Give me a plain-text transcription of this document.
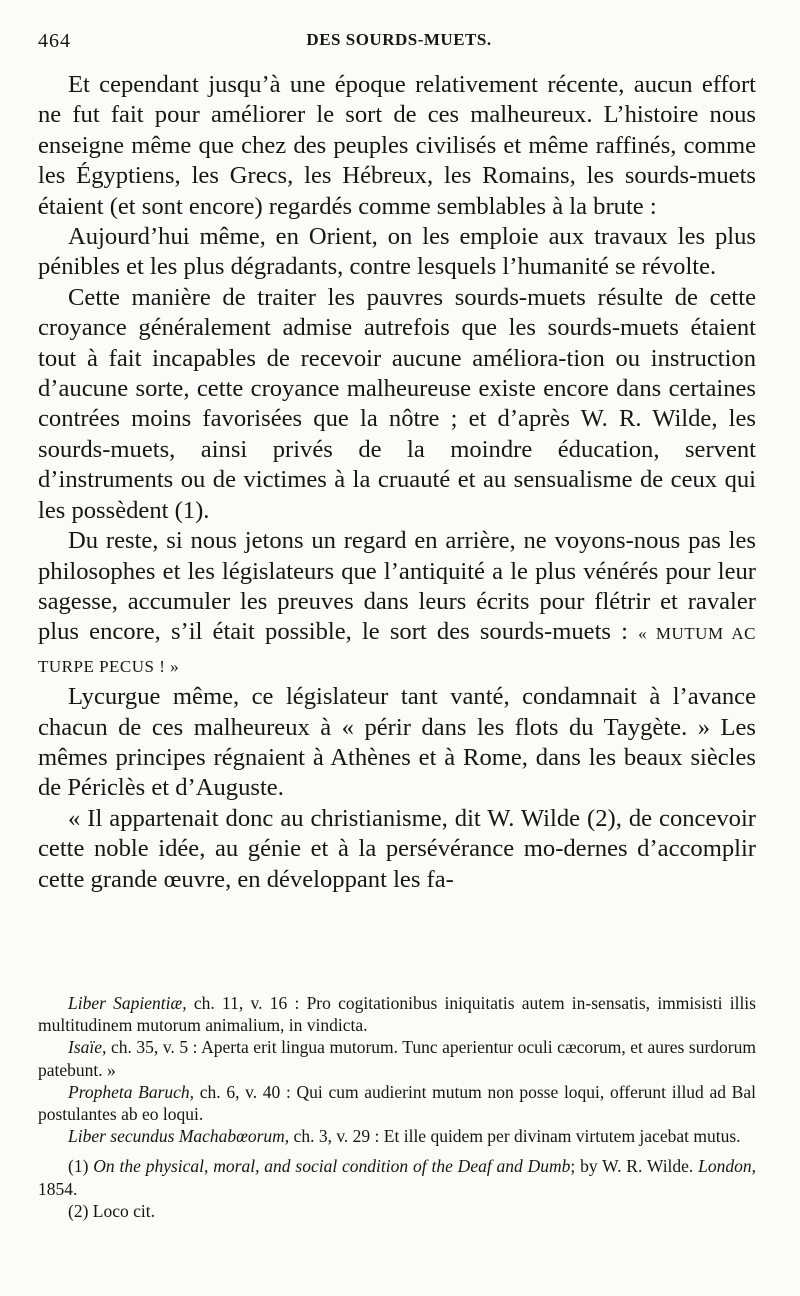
464	DES SOURDS-MUETS.

Et cependant jusqu’à une époque relativement récente, aucun effort ne fut fait pour améliorer le sort de ces malheureux. L’histoire nous enseigne même que chez des peuples civilisés et même raffinés, comme les Égyptiens, les Grecs, les Hébreux, les Romains, les sourds-muets étaient (et sont encore) regardés comme semblables à la brute :

Aujourd’hui même, en Orient, on les emploie aux travaux les plus pénibles et les plus dégradants, contre lesquels l’humanité se révolte.

Cette manière de traiter les pauvres sourds-muets résulte de cette croyance généralement admise autrefois que les sourds-muets étaient tout à fait incapables de recevoir aucune améliora-tion ou instruction d’aucune sorte, cette croyance malheureuse existe encore dans certaines contrées moins favorisées que la nôtre ; et d’après W. R. Wilde, les sourds-muets, ainsi privés de la moindre éducation, servent d’instruments ou de victimes à la cruauté et au sensualisme de ceux qui les possèdent (1).

Du reste, si nous jetons un regard en arrière, ne voyons-nous pas les philosophes et les législateurs que l’antiquité a le plus vénérés pour leur sagesse, accumuler les preuves dans leurs écrits pour flétrir et ravaler plus encore, s’il était possible, le sort des sourds-muets : « MUTUM AC TURPE PECUS ! »

Lycurgue même, ce législateur tant vanté, condamnait à l’avance chacun de ces malheureux à « périr dans les flots du Taygète. » Les mêmes principes régnaient à Athènes et à Rome, dans les beaux siècles de Périclès et d’Auguste.

« Il appartenait donc au christianisme, dit W. Wilde (2), de concevoir cette noble idée, au génie et à la persévérance mo-dernes d’accomplir cette grande œuvre, en développant les fa-

Liber Sapientiæ, ch. 11, v. 16 : Pro cogitationibus iniquitatis autem in-sensatis, immisisti illis multitudinem mutorum animalium, in vindicta.

Isaïe, ch. 35, v. 5 : Aperta erit lingua mutorum. Tunc aperientur oculi cæcorum, et aures surdorum patebunt. »

Propheta Baruch, ch. 6, v. 40 : Qui cum audierint mutum non posse loqui, offerunt illud ad Bal postulantes ab eo loqui.

Liber secundus Machabœorum, ch. 3, v. 29 : Et ille quidem per divinam virtutem jacebat mutus.

(1) On the physical, moral, and social condition of the Deaf and Dumb; by W. R. Wilde. London, 1854.

(2) Loco cit.
